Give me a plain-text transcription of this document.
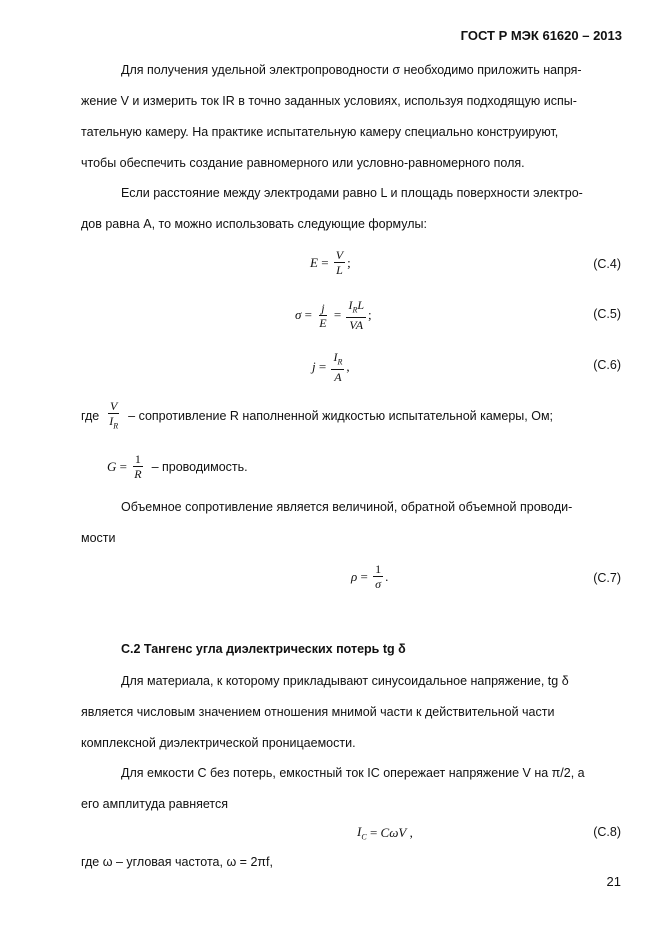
ГОСТ Р МЭК 61620 – 2013
Для получения удельной электропроводности σ необходимо приложить напря-
жение V и измерить ток IR в точно заданных условиях, используя подходящую испы-
тательную камеру. На практике испытательную камеру специально конструируют,
чтобы обеспечить создание равномерного или условно-равномерного поля.
Если расстояние между электродами равно L и площадь поверхности электро-
дов равна A, то можно использовать следующие формулы:
$E = \frac{V}{L}$ ;	(С.4)
$\sigma = \frac{j}{E} = \frac{I_RL}{VA}$ ;	(С.5)
$j = \frac{I_R}{A}$ ,	(С.6)
где $\frac{V}{I_R}$ – сопротивление R наполненной жидкостью испытательной камеры, Ом;
$G = \frac{1}{R}$ – проводимость.
Объемное сопротивление является величиной, обратной объемной проводи-
мости
$\rho = \frac{1}{\sigma}$ .	(С.7)
С.2 Тангенс угла диэлектрических потерь tg δ
Для материала, к которому прикладывают синусоидальное напряжение, tg δ
является числовым значением отношения мнимой части к действительной части
комплексной диэлектрической проницаемости.
Для емкости C без потерь, емкостный ток IC опережает напряжение V на π/2, а
его амплитуда равняется
$I_C = C\omega V$ ,	(С.8)
где ω – угловая частота, ω = 2πf,
21
